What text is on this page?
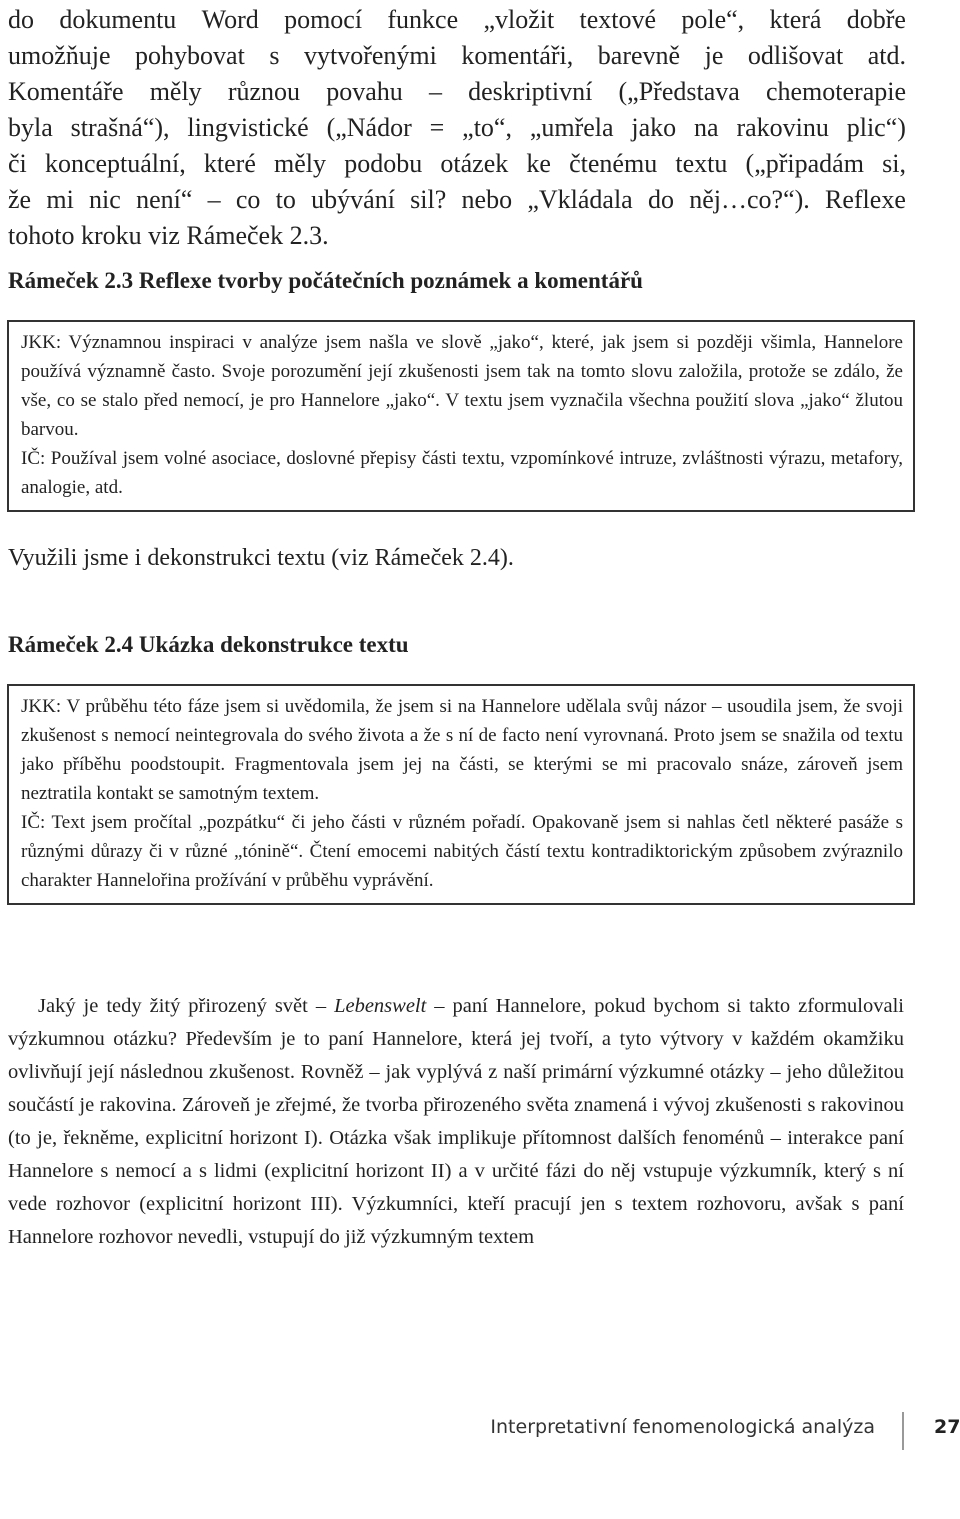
do dokumentu Word pomocí funkce „vložit textové pole“, která dobře
umožňuje pohybovat s vytvořenými komentáři, barevně je odlišovat atd.
Komentáře měly různou povahu – deskriptivní („Představa chemoterapie
byla strašná“), lingvistické („Nádor = „to“, „umřela jako na rakovinu plic“)
či konceptuální, které měly podobu otázek ke čtenému textu („připadám si,
že mi nic není“ – co to ubývání sil? nebo „Vkládala do něj…co?“). Reflexe
tohoto kroku viz Rámeček 2.3.
Rámeček 2.3 Reflexe tvorby počátečních poznámek a komentářů

JKK: Významnou inspiraci v analýze jsem našla ve slově „jako“, které, jak jsem si později všimla, Hannelore používá významně často. Svoje porozumění její zkušenosti jsem tak na tomto slovu založila, protože se zdálo, že vše, co se stalo před nemocí, je pro Hannelore „jako“. V textu jsem vyznačila všechna použití slova „jako“ žlutou barvou.

IČ: Používal jsem volné asociace, doslovné přepisy části textu, vzpomínkové intruze, zvláštnosti výrazu, metafory, analogie, atd.

Využili jsme i dekonstrukci textu (viz Rámeček 2.4).
Rámeček 2.4 Ukázka dekonstrukce textu

JKK: V průběhu této fáze jsem si uvědomila, že jsem si na Hannelore udělala svůj názor – usoudila jsem, že svoji zkušenost s nemocí neintegrovala do svého života a že s ní de facto není vyrovnaná. Proto jsem se snažila od textu jako příběhu poodstoupit. Fragmentovala jsem jej na části, se kterými se mi pracovalo snáze, zároveň jsem neztratila kontakt se samotným textem.

IČ: Text jsem pročítal „pozpátku“ či jeho části v různém pořadí. Opakovaně jsem si nahlas četl některé pasáže s různými důrazy či v různé „tónině“. Čtení emocemi nabitých částí textu kontradiktorickým způsobem zvýraznilo charakter Hannelořina prožívání v průběhu vyprávění.

Jaký je tedy žitý přirozený svět – Lebenswelt – paní Hannelore, pokud bychom si takto zformulovali výzkumnou otázku? Především je to paní Hannelore, která jej tvoří, a tyto výtvory v každém okamžiku ovlivňují její následnou zkušenost. Rovněž – jak vyplývá z naší primární výzkumné otázky – jeho důležitou součástí je rakovina. Zároveň je zřejmé, že tvorba přirozeného světa znamená i vývoj zkušenosti s rakovinou (to je, řekněme, explicitní horizont I). Otázka však implikuje přítomnost dalších fenoménů – interakce paní Hannelore s nemocí a s lidmi (explicitní horizont II) a v určité fázi do něj vstupuje výzkumník, který s ní vede rozhovor (explicitní horizont III). Výzkumníci, kteří pracují jen s textem rozhovoru, avšak s paní Hannelore rozhovor nevedli, vstupují do již výzkumným textem

Interpretativní fenomenologická analýza	27
